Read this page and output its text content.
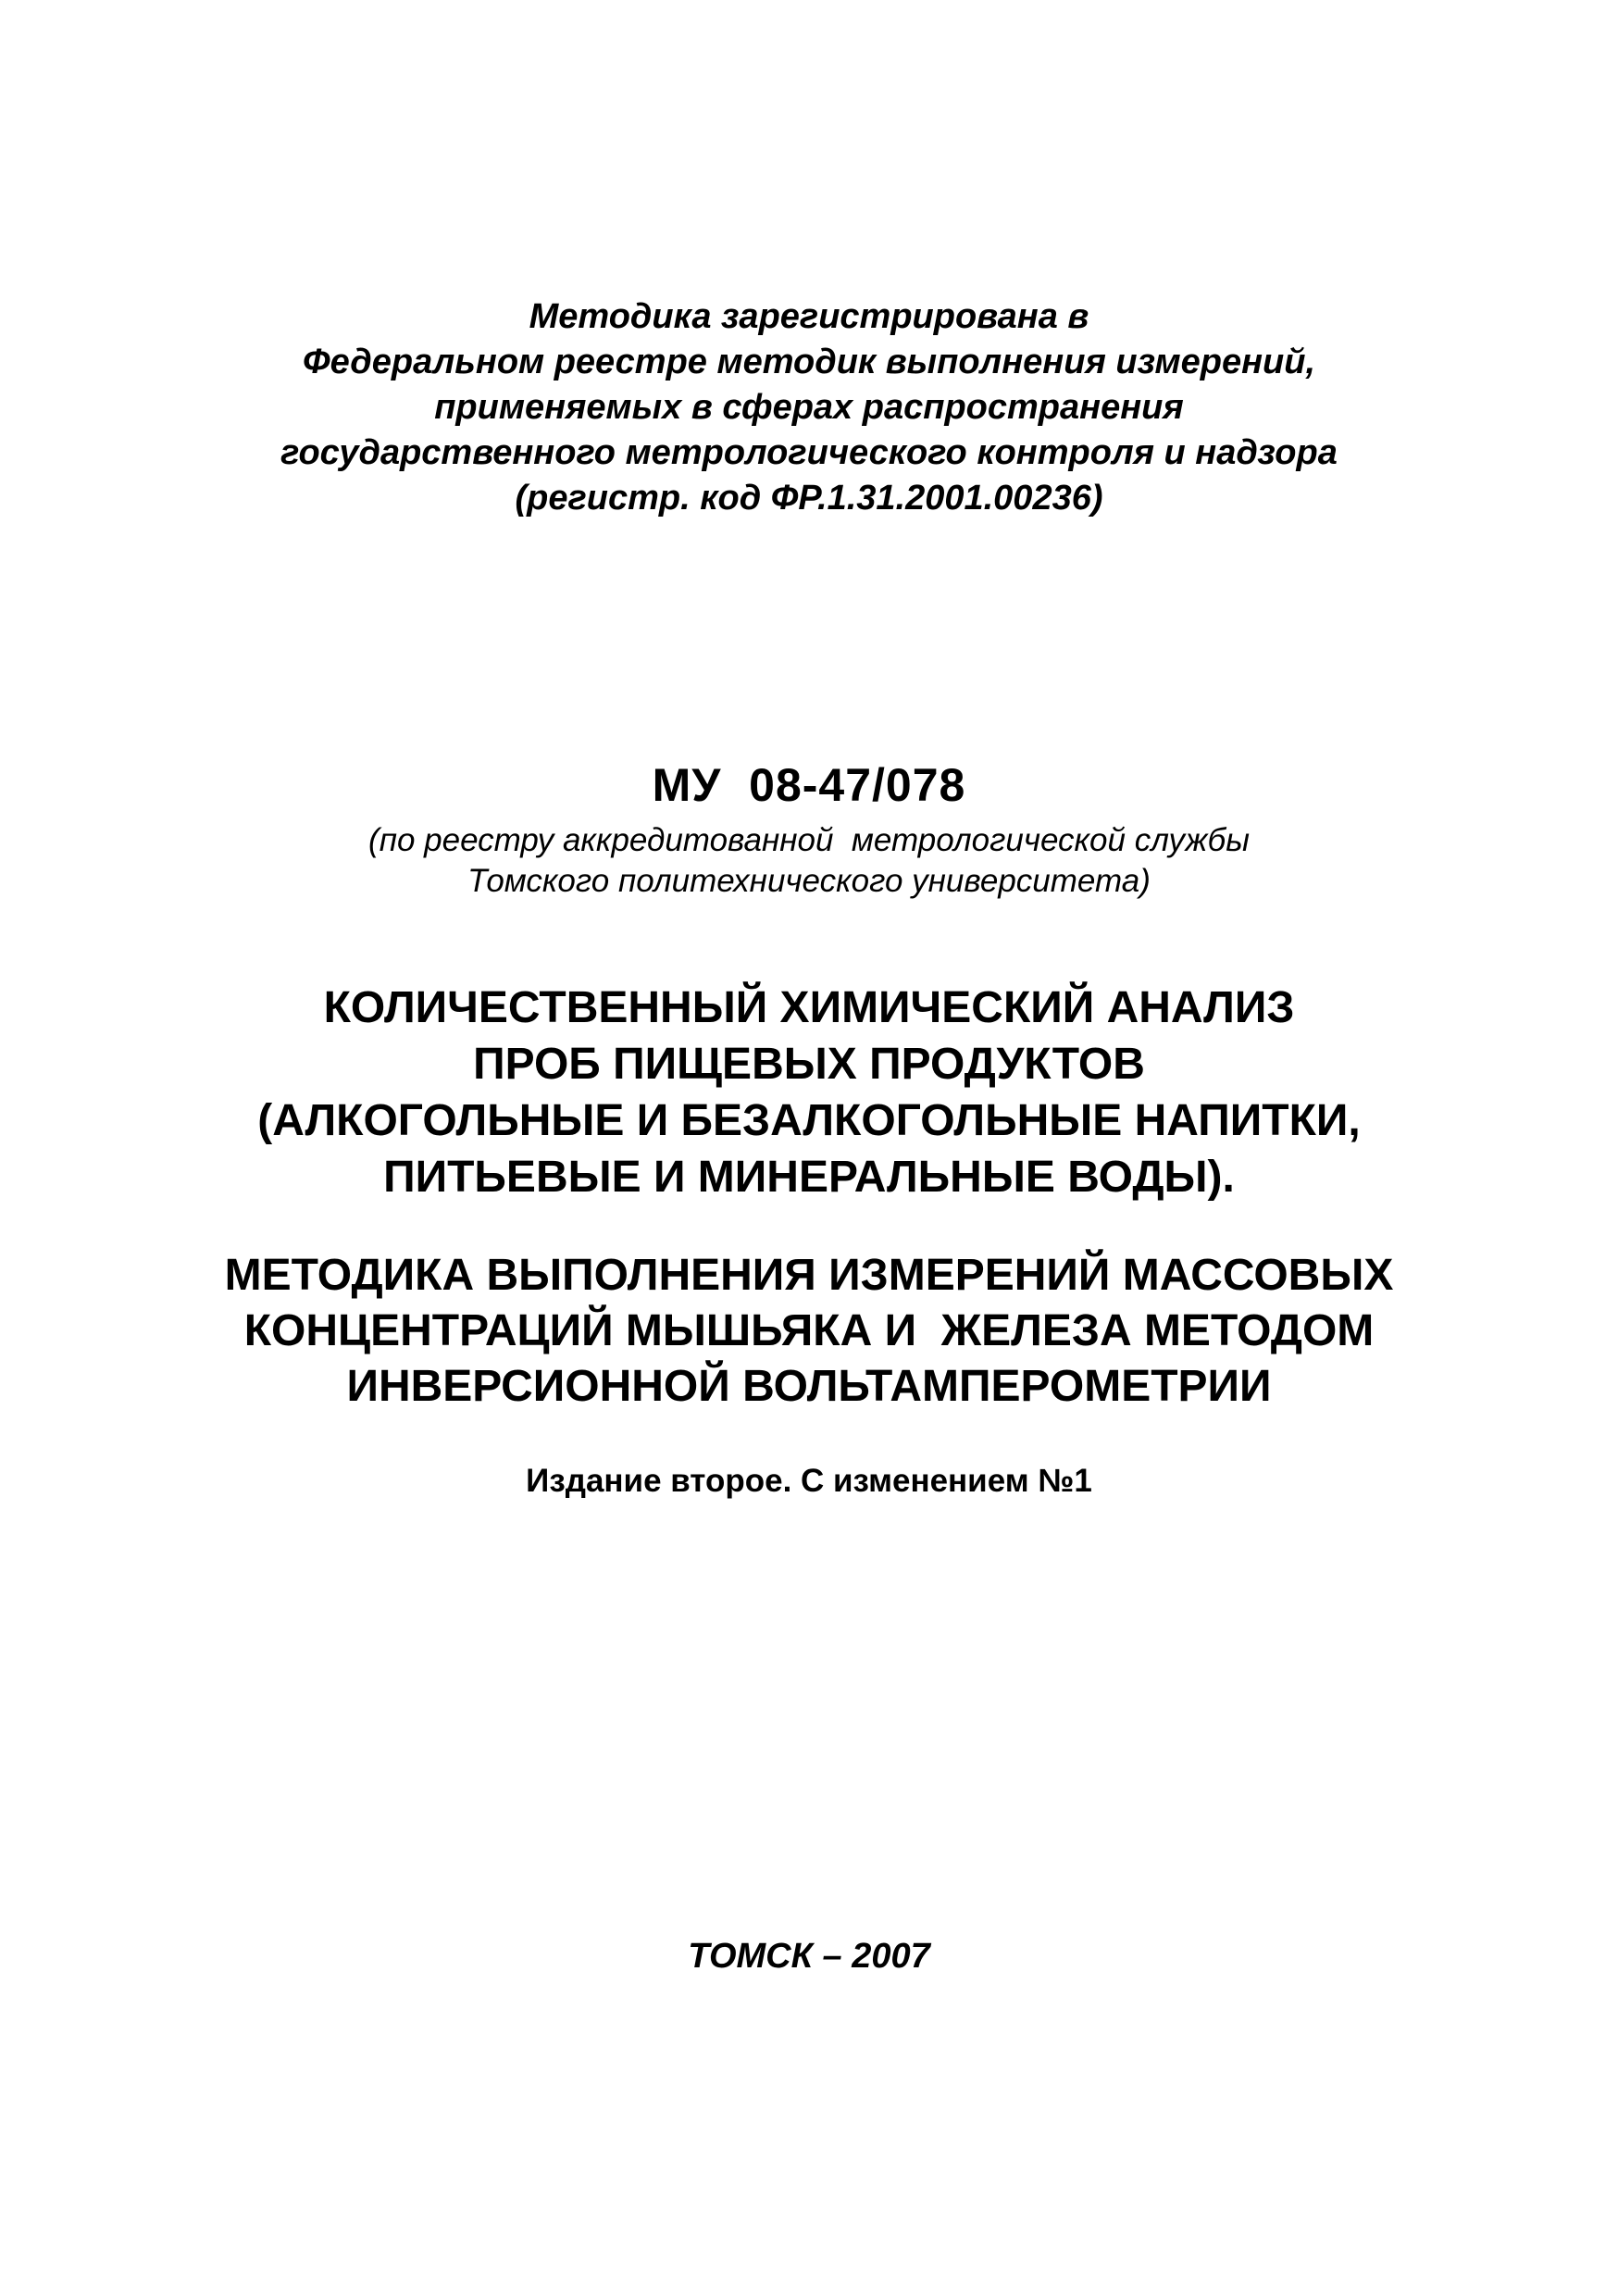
Методика зарегистрирована в
Федеральном реестре методик выполнения измерений,
применяемых в сферах распространения
государственного метрологического контроля и надзора
(регистр. код ФР.1.31.2001.00236)
МУ  08-47/078
(по реестру аккредитованной  метрологической службы
Томского политехнического университета)
КОЛИЧЕСТВЕННЫЙ ХИМИЧЕСКИЙ АНАЛИЗ
ПРОБ ПИЩЕВЫХ ПРОДУКТОВ
(АЛКОГОЛЬНЫЕ И БЕЗАЛКОГОЛЬНЫЕ НАПИТКИ,
ПИТЬЕВЫЕ И МИНЕРАЛЬНЫЕ ВОДЫ).
МЕТОДИКА ВЫПОЛНЕНИЯ ИЗМЕРЕНИЙ МАССОВЫХ
КОНЦЕНТРАЦИЙ МЫШЬЯКА И  ЖЕЛЕЗА МЕТОДОМ
ИНВЕРСИОННОЙ ВОЛЬТАМПЕРОМЕТРИИ
Издание второе. С изменением №1
ТОМСК – 2007
